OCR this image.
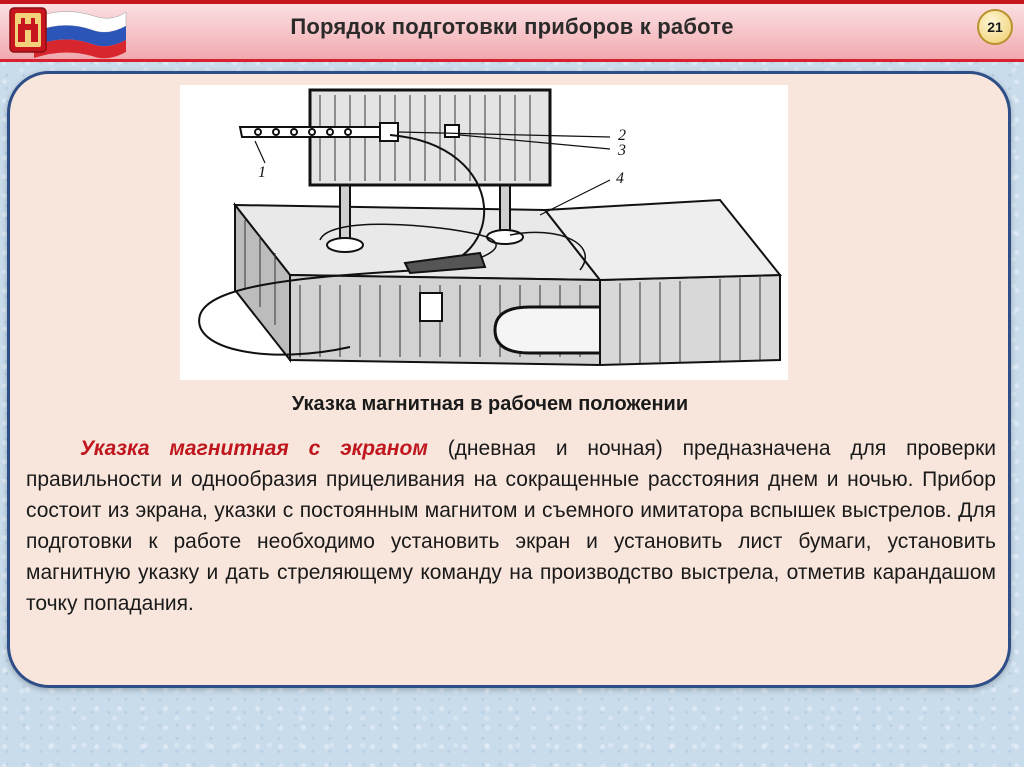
Порядок подготовки приборов к работе	21
2
3
4
1
Указка магнитная в рабочем положении

Указка магнитная с экраном (дневная и ночная) предназначена для проверки правильности и однообразия прицеливания на сокращенные расстояния днем и ночью. Прибор состоит из экрана, указки с постоянным магнитом и съемного имитатора вспышек выстрелов. Для подготовки к работе необходимо установить экран и установить лист бумаги, установить магнитную указку и дать стреляющему команду на производство выстрела, отметив карандашом точку попадания.
